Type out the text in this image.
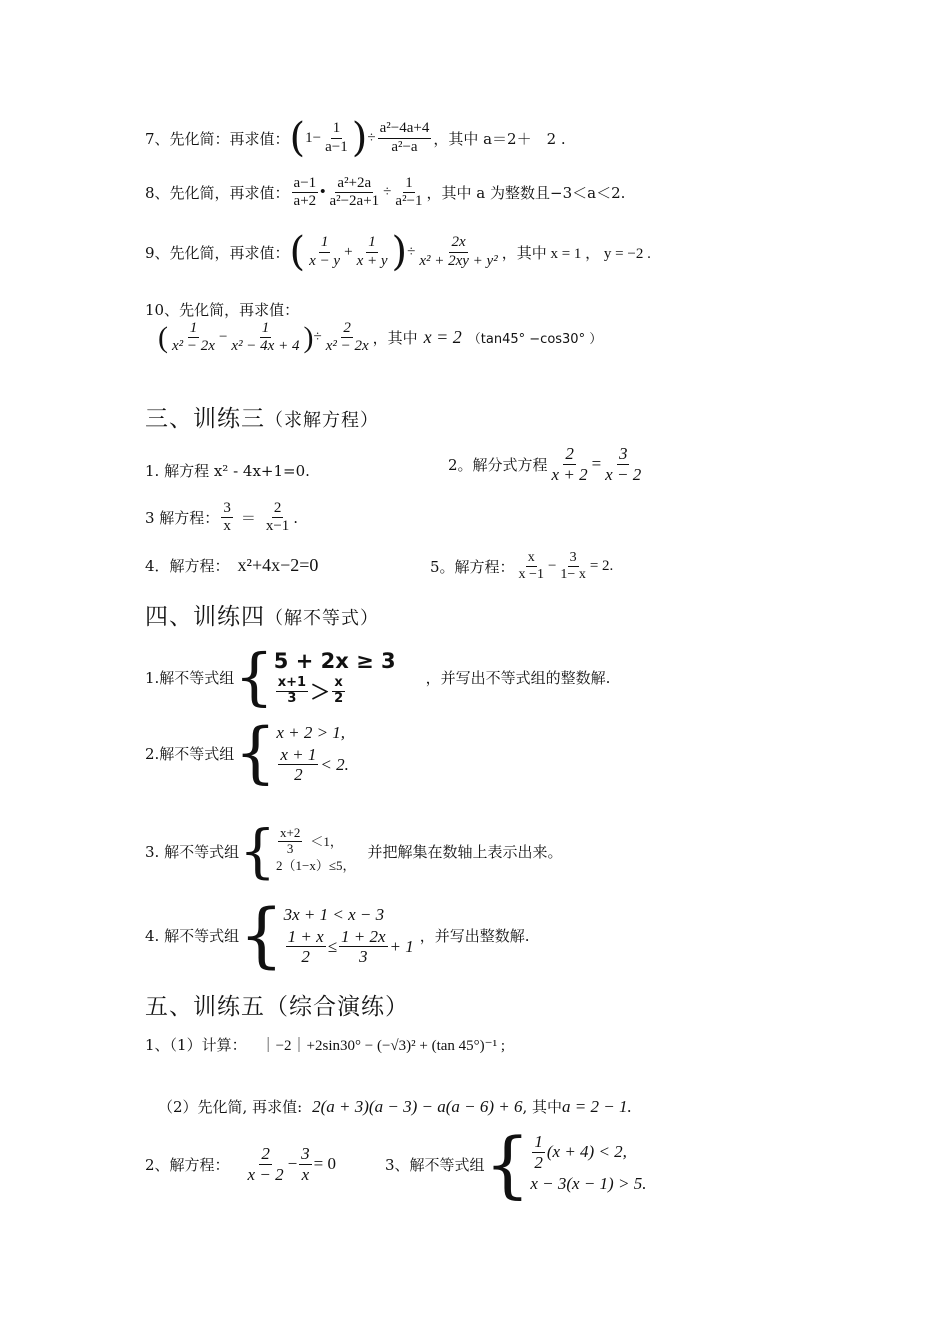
7、先化简：再求值： ( $1- \frac{1}{a-1}$ ) ÷ $\frac{\text{a²−4a+4}}{\text{a²−a}}$ ，其中 a＝2＋　2 .
8、先化简，再求值： $\frac{a-1}{a+2}$ • $\frac{\text{a²+2a}}{\text{a²−2a+1}} \div \frac{1}{\text{a²−1}}$ ，其中 a 为整数且−3＜a＜2.
9、先化简，再求值： ( $\frac{1}{x - y} + \frac{1}{x + y}$ ) ÷ $\frac{2x}{\text{x² + 2xy + y²}}$ ，其中 x = 1 ， y = −2 .
10、先化简，再求值：
( $\frac{1}{\text{x² − 2x}} - \frac{1}{\text{x² − 4x + 4}}$ ) ÷ $\frac{2}{\text{x² − 2x}}$ ，其中 x = 2 （tan45° −cos30° ）
三、训练三（求解方程）
1. 解方程 x² - 4x+1=0.	2。解分式方程 $\frac{2}{x + 2} = \frac{3}{x - 2}$
3 解方程： $\frac{3}{x} = \frac{2}{x-1}$ .
4．解方程： x²+4x−2=0	5。解方程： $\frac{x}{x -1} - \frac{3}{1- x} = 2$.
四、训练四（解不等式）
1.解不等式组 { 5 + 2x ≥ 3
$\frac{x+1}{3} > \frac{x}{2}$	，并写出不等式组的整数解.
2.解不等式组 { x + 2 > 1,
$\frac{x + 1}{2} < 2$.
3. 解不等式组 { $\frac{x+2}{3} <1$，
2（1−x）≤5，
并把解集在数轴上表示出来。
4. 解不等式组 { 3x + 1 < x − 3
$\frac{1 + x}{2} \le \frac{1 + 2x}{3} + 1$
，并写出整数解.
五、训练五（综合演练）
1、（1）计算： ｜−2｜+2sin30° − (−√3)² + (tan 45°)⁻¹ ;
（2）先化简, 再求值: 2(a + 3)(a − 3) − a(a − 6) + 6 , 其中 a = 2 − 1.
2、解方程： $\frac{2}{x - 2} - \frac{3}{x} = 0$	3、解不等式组 { $\frac{1}{2} (x + 4) < 2$,
x − 3(x − 1) > 5.
